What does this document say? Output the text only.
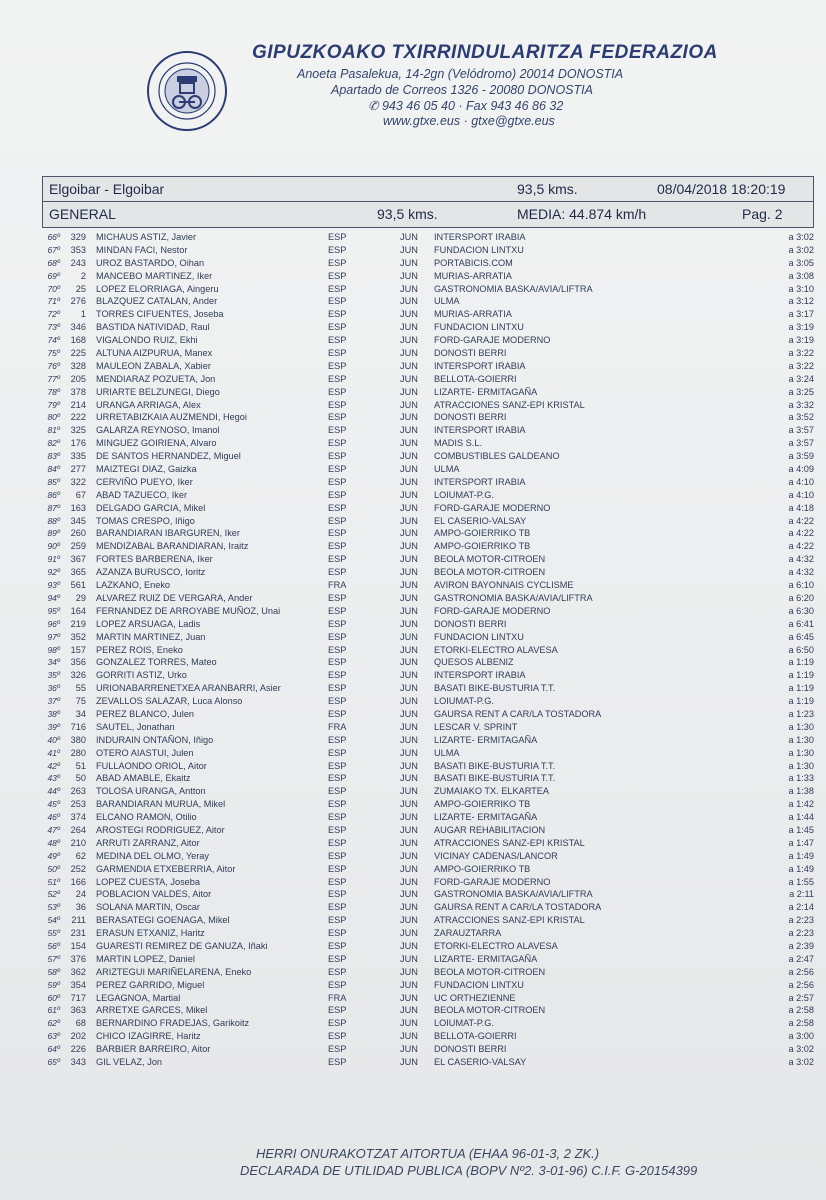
GIPUZKOAKO TXIRRINDULARITZA FEDERAZIOA
Anoeta Pasalekua, 14-2gn (Velódromo) 20014 DONOSTIA
Apartado de Correos 1326 - 20080 DONOSTIA
✆ 943 46 05 40 · Fax 943 46 86 32
www.gtxe.eus · gtxe@gtxe.eus
Elgoibar - Elgoibar	93,5 kms.	08/04/2018 18:20:19
GENERAL	93,5 kms.	MEDIA: 44.874 km/h	Pag. 2
66º	329 MICHAUS ASTIZ, Javier	ESP	JUN INTERSPORT IRABIA	a 3:02
67º	353 MINDAN FACI, Nestor	ESP	JUN FUNDACION LINTXU	a 3:02
68º	243 UROZ BASTARDO, Oihan	ESP	JUN PORTABICIS.COM	a 3:05
69º	2 MANCEBO MARTINEZ, Iker	ESP	JUN MURIAS-ARRATIA	a 3:08
70º	25 LOPEZ ELORRIAGA, Aingeru	ESP	JUN GASTRONOMIA BASKA/AVIA/LIFTRA	a 3:10
71º	276 BLAZQUEZ CATALAN, Ander	ESP	JUN ULMA	a 3:12
72º	1 TORRES CIFUENTES, Joseba	ESP	JUN MURIAS-ARRATIA	a 3:17
73º	346 BASTIDA NATIVIDAD, Raul	ESP	JUN FUNDACION LINTXU	a 3:19
74º	168 VIGALONDO RUIZ, Ekhi	ESP	JUN FORD-GARAJE MODERNO	a 3:19
75º	225 ALTUNA AIZPURUA, Manex	ESP	JUN DONOSTI BERRI	a 3:22
76º	328 MAULEON ZABALA, Xabier	ESP	JUN INTERSPORT IRABIA	a 3:22
77º	205 MENDIARAZ POZUETA, Jon	ESP	JUN BELLOTA-GOIERRI	a 3:24
78º	378 URIARTE BELZUNEGI, Diego	ESP	JUN LIZARTE- ERMITAGAÑA	a 3:25
79º	214 URANGA ARRIAGA, Alex	ESP	JUN ATRACCIONES SANZ-EPI KRISTAL	a 3:32
80º	222 URRETABIZKAIA AUZMENDI, Hegoi	ESP	JUN DONOSTI BERRI	a 3:52
81º	325 GALARZA REYNOSO, Imanol	ESP	JUN INTERSPORT IRABIA	a 3:57
82º	176 MINGUEZ GOIRIENA, Alvaro	ESP	JUN MADIS S.L.	a 3:57
83º	335 DE SANTOS HERNANDEZ, Miguel	ESP	JUN COMBUSTIBLES GALDEANO	a 3:59
84º	277 MAIZTEGI DIAZ, Gaizka	ESP	JUN ULMA	a 4:09
85º	322 CERVIÑO PUEYO, Iker	ESP	JUN INTERSPORT IRABIA	a 4:10
86º	67 ABAD TAZUECO, Iker	ESP	JUN LOIUMAT-P.G.	a 4:10
87º	163 DELGADO GARCIA, Mikel	ESP	JUN FORD-GARAJE MODERNO	a 4:18
88º	345 TOMAS CRESPO, Iñigo	ESP	JUN EL CASERIO-VALSAY	a 4:22
89º	260 BARANDIARAN IBARGUREN, Iker	ESP	JUN AMPO-GOIERRIKO TB	a 4:22
90º	259 MENDIZABAL BARANDIARAN, Iraitz	ESP	JUN AMPO-GOIERRIKO TB	a 4:22
91º	367 FORTES BARBERENA, Iker	ESP	JUN BEOLA MOTOR-CITROEN	a 4:32
92º	365 AZANZA BURUSCO, Ioritz	ESP	JUN BEOLA MOTOR-CITROEN	a 4:32
93º	561 LAZKANO, Eneko	FRA	JUN AVIRON BAYONNAIS CYCLISME	a 6:10
94º	29 ALVAREZ RUIZ DE VERGARA, Ander	ESP	JUN GASTRONOMIA BASKA/AVIA/LIFTRA	a 6:20
95º	164 FERNANDEZ DE ARROYABE MUÑOZ, Unai	ESP	JUN FORD-GARAJE MODERNO	a 6:30
96º	219 LOPEZ ARSUAGA, Ladis	ESP	JUN DONOSTI BERRI	a 6:41
97º	352 MARTIN MARTINEZ, Juan	ESP	JUN FUNDACION LINTXU	a 6:45
98º	157 PEREZ ROIS, Eneko	ESP	JUN ETORKI-ELECTRO ALAVESA	a 6:50
34º	356 GONZALEZ TORRES, Mateo	ESP	JUN QUESOS ALBENIZ	a 1:19
35º	326 GORRITI ASTIZ, Urko	ESP	JUN INTERSPORT IRABIA	a 1:19
36º	55 URIONABARRENETXEA ARANBARRI, Asier	ESP	JUN BASATI BIKE-BUSTURIA T.T.	a 1:19
37º	75 ZEVALLOS SALAZAR, Luca Alonso	ESP	JUN LOIUMAT-P.G.	a 1:19
38º	34 PEREZ BLANCO, Julen	ESP	JUN GAURSA RENT A CAR/LA TOSTADORA	a 1:23
39º	716 SAUTEL, Jonathan	FRA	JUN LESCAR V. SPRINT	a 1:30
40º	380 INDURAIN ONTAÑON, Iñigo	ESP	JUN LIZARTE- ERMITAGAÑA	a 1:30
41º	280 OTERO AIASTUI, Julen	ESP	JUN ULMA	a 1:30
42º	51 FULLAONDO ORIOL, Aitor	ESP	JUN BASATI BIKE-BUSTURIA T.T.	a 1:30
43º	50 ABAD AMABLE, Ekaitz	ESP	JUN BASATI BIKE-BUSTURIA T.T.	a 1:33
44º	263 TOLOSA URANGA, Antton	ESP	JUN ZUMAIAKO TX. ELKARTEA	a 1:38
45º	253 BARANDIARAN MURUA, Mikel	ESP	JUN AMPO-GOIERRIKO TB	a 1:42
46º	374 ELCANO RAMON, Otilio	ESP	JUN LIZARTE- ERMITAGAÑA	a 1:44
47º	264 AROSTEGI RODRIGUEZ, Aitor	ESP	JUN AUGAR REHABILITACION	a 1:45
48º	210 ARRUTI ZARRANZ, Aitor	ESP	JUN ATRACCIONES SANZ-EPI KRISTAL	a 1:47
49º	62 MEDINA DEL OLMO, Yeray	ESP	JUN VICINAY CADENAS/LANCOR	a 1:49
50º	252 GARMENDIA ETXEBERRIA, Aitor	ESP	JUN AMPO-GOIERRIKO TB	a 1:49
51º	166 LOPEZ CUESTA, Joseba	ESP	JUN FORD-GARAJE MODERNO	a 1:55
52º	24 POBLACION VALDES, Aitor	ESP	JUN GASTRONOMIA BASKA/AVIA/LIFTRA	a 2:11
53º	36 SOLANA MARTIN, Oscar	ESP	JUN GAURSA RENT A CAR/LA TOSTADORA	a 2:14
54º	211 BERASATEGI GOENAGA, Mikel	ESP	JUN ATRACCIONES SANZ-EPI KRISTAL	a 2:23
55º	231 ERASUN ETXANIZ, Haritz	ESP	JUN ZARAUZTARRA	a 2:23
56º	154 GUARESTI REMIREZ DE GANUZA, Iñaki	ESP	JUN ETORKI-ELECTRO ALAVESA	a 2:39
57º	376 MARTIN LOPEZ, Daniel	ESP	JUN LIZARTE- ERMITAGAÑA	a 2:47
58º	362 ARIZTEGUI MARIÑELARENA, Eneko	ESP	JUN BEOLA MOTOR-CITROEN	a 2:56
59º	354 PEREZ GARRIDO, Miguel	ESP	JUN FUNDACION LINTXU	a 2:56
60º	717 LEGAGNOA, Martial	FRA	JUN UC ORTHEZIENNE	a 2:57
61º	363 ARRETXE GARCES, Mikel	ESP	JUN BEOLA MOTOR-CITROEN	a 2:58
62º	68 BERNARDINO FRADEJAS, Garikoitz	ESP	JUN LOIUMAT-P.G.	a 2:58
63º	202 CHICO IZAGIRRE, Haritz	ESP	JUN BELLOTA-GOIERRI	a 3:00
64º	226 BARBIER BARREIRO, Aitor	ESP	JUN DONOSTI BERRI	a 3:02
65º	343 GIL VELAZ, Jon	ESP	JUN EL CASERIO-VALSAY	a 3:02
HERRI ONURAKOTZAT AITORTUA (EHAA 96-01-3, 2 ZK.)
DECLARADA DE UTILIDAD PUBLICA (BOPV Nº2. 3-01-96) C.I.F. G-20154399
